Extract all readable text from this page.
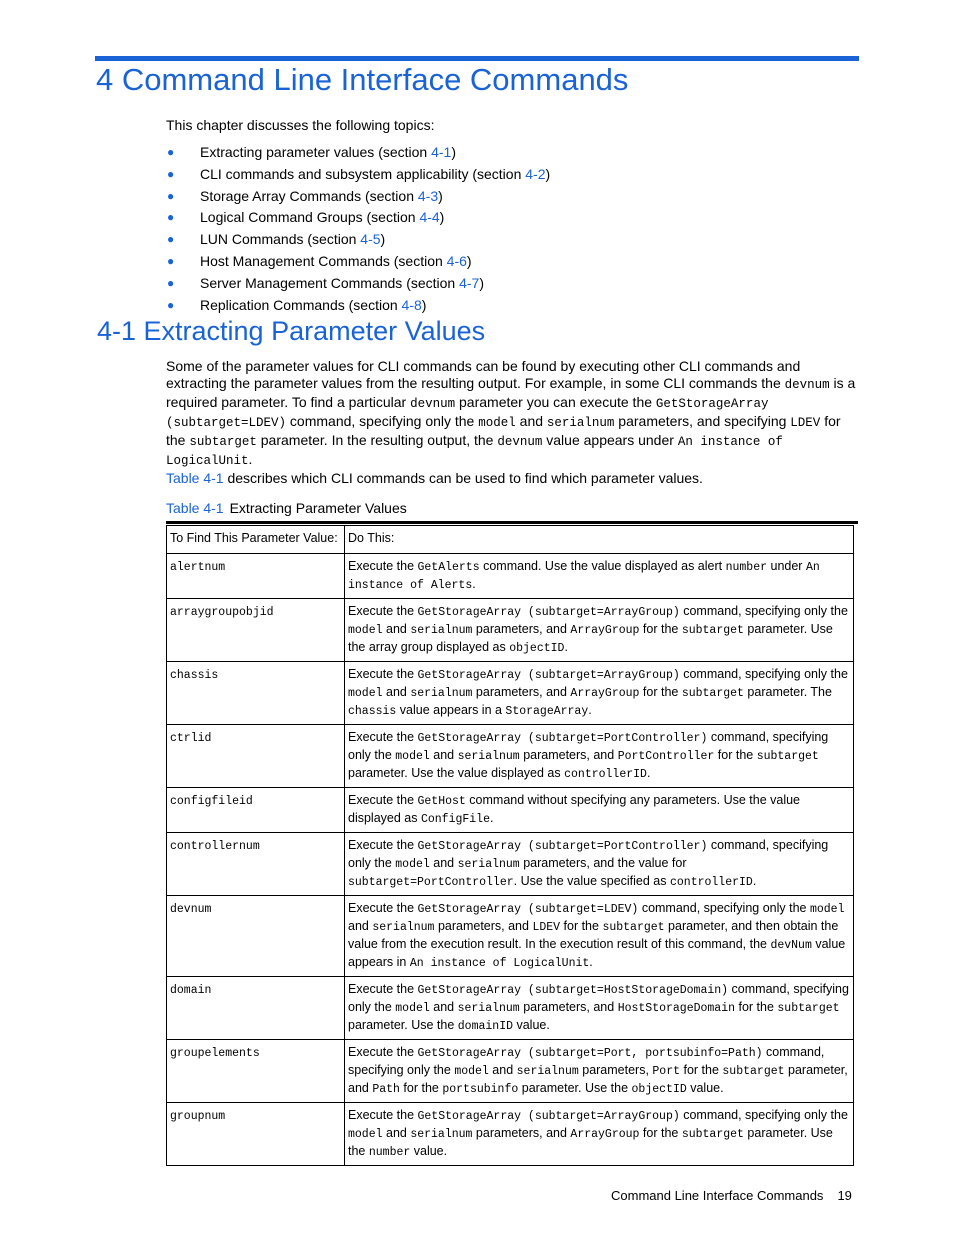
4 Command Line Interface Commands
This chapter discusses the following topics:
● Extracting parameter values (section 4-1)
● CLI commands and subsystem applicability (section 4-2)
● Storage Array Commands (section 4-3)
● Logical Command Groups (section 4-4)
● LUN Commands (section 4-5)
● Host Management Commands (section 4-6)
● Server Management Commands (section 4-7)
● Replication Commands (section 4-8)
4-1 Extracting Parameter Values
Some of the parameter values for CLI commands can be found by executing other CLI commands and extracting the parameter values from the resulting output. For example, in some CLI commands the devnum is a required parameter. To find a particular devnum parameter you can execute the GetStorageArray (subtarget=LDEV) command, specifying only the model and serialnum parameters, and specifying LDEV for the subtarget parameter. In the resulting output, the devnum value appears under An instance of LogicalUnit.
Table 4-1 describes which CLI commands can be used to find which parameter values.
Table 4-1 Extracting Parameter Values
To Find This Parameter Value:	Do This:
alertnum	Execute the GetAlerts command. Use the value displayed as alert number under An instance of Alerts.
arraygroupobjid	Execute the GetStorageArray (subtarget=ArrayGroup) command, specifying only the model and serialnum parameters, and ArrayGroup for the subtarget parameter. Use the array group displayed as objectID.
chassis	Execute the GetStorageArray (subtarget=ArrayGroup) command, specifying only the model and serialnum parameters, and ArrayGroup for the subtarget parameter. The chassis value appears in a StorageArray.
ctrlid	Execute the GetStorageArray (subtarget=PortController) command, specifying only the model and serialnum parameters, and PortController for the subtarget parameter. Use the value displayed as controllerID.
configfileid	Execute the GetHost command without specifying any parameters. Use the value displayed as ConfigFile.
controllernum	Execute the GetStorageArray (subtarget=PortController) command, specifying only the model and serialnum parameters, and the value for subtarget=PortController. Use the value specified as controllerID.
devnum	Execute the GetStorageArray (subtarget=LDEV) command, specifying only the model and serialnum parameters, and LDEV for the subtarget parameter, and then obtain the value from the execution result. In the execution result of this command, the devNum value appears in An instance of LogicalUnit.
domain	Execute the GetStorageArray (subtarget=HostStorageDomain) command, specifying only the model and serialnum parameters, and HostStorageDomain for the subtarget parameter. Use the domainID value.
groupelements	Execute the GetStorageArray (subtarget=Port, portsubinfo=Path) command, specifying only the model and serialnum parameters, Port for the subtarget parameter, and Path for the portsubinfo parameter. Use the objectID value.
groupnum	Execute the GetStorageArray (subtarget=ArrayGroup) command, specifying only the model and serialnum parameters, and ArrayGroup for the subtarget parameter. Use the number value.
Command Line Interface Commands 19
